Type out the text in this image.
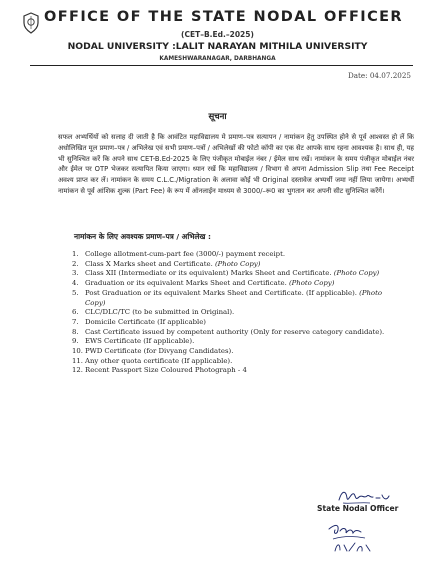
OFFICE OF THE STATE NODAL OFFICER
(CET–B.Ed.–2025)
NODAL UNIVERSITY :LALIT NARAYAN MITHILA UNIVERSITY
KAMESHWARANAGAR, DARBHANGA
Date: 04.07.2025
सूचना
सफल अभ्यर्थियों को सलाह दी जाती है कि आवंटित महाविद्यालय मे प्रमाण–पत्र सत्यापन / नामांकन हेतु उपस्थित होने से पूर्व आश्वस्त हो लें कि अधोलिखित मूल प्रमाण–पत्र / अभिलेख एवं सभी प्रमाण–पत्रों / अभिलेखों की फोटो कॉपी का एक सेट आपके साथ रहना आवश्यक है। साथ ही, यह भी सुनिश्चित करें कि अपने साथ CET-B.Ed-2025 के लिए पंजीकृत मोबाईल नंबर / ईमेल साथ रखें। नामांकन के समय पंजीकृत मोबाईल नंबर और ईमेल पर OTP भेजकर सत्यापित किया जाएगा। ध्यान रखें कि महाविद्यालय / विभाग से अपना Admission Slip तथा Fee Receipt अवश्य प्राप्त कर लें। नामांकन के समय C.L.C./Migration के अलावा कोई भी Original दस्तावेज अभ्यर्थी जमा नहीं लिया जायेगा। अभ्यर्थी नामांकन से पूर्व आंशिक शुल्क (Part Fee) के रूप में ऑनलाईन माध्यम से 3000/–रू0 का भुगतान कर अपनी सीट सुनिश्चित करेंगें।
नामांकन के लिए अवश्यक प्रमाण–पत्र / अभिलेख :
1. College allotment-cum-part fee (3000/-) payment receipt.
2. Class X Marks sheet and Certificate. (Photo Copy)
3. Class XII (Intermediate or its equivalent) Marks Sheet and Certificate. (Photo Copy)
4. Graduation or its equivalent Marks Sheet and Certificate. (Photo Copy)
5. Post Graduation or its equivalent Marks Sheet and Certificate. (If applicable). (Photo Copy)
6. CLC/DLC/TC (to be submitted in Original).
7. Domicile Certificate (If applicable)
8. Cast Certificate issued by competent authority (Only for reserve category candidate).
9. EWS Certificate (If applicable).
10. PWD Certificate (for Divyang Candidates).
11. Any other quota certificate (If applicable).
12. Recent Passport Size Coloured Photograph - 4
State Nodal Officer
